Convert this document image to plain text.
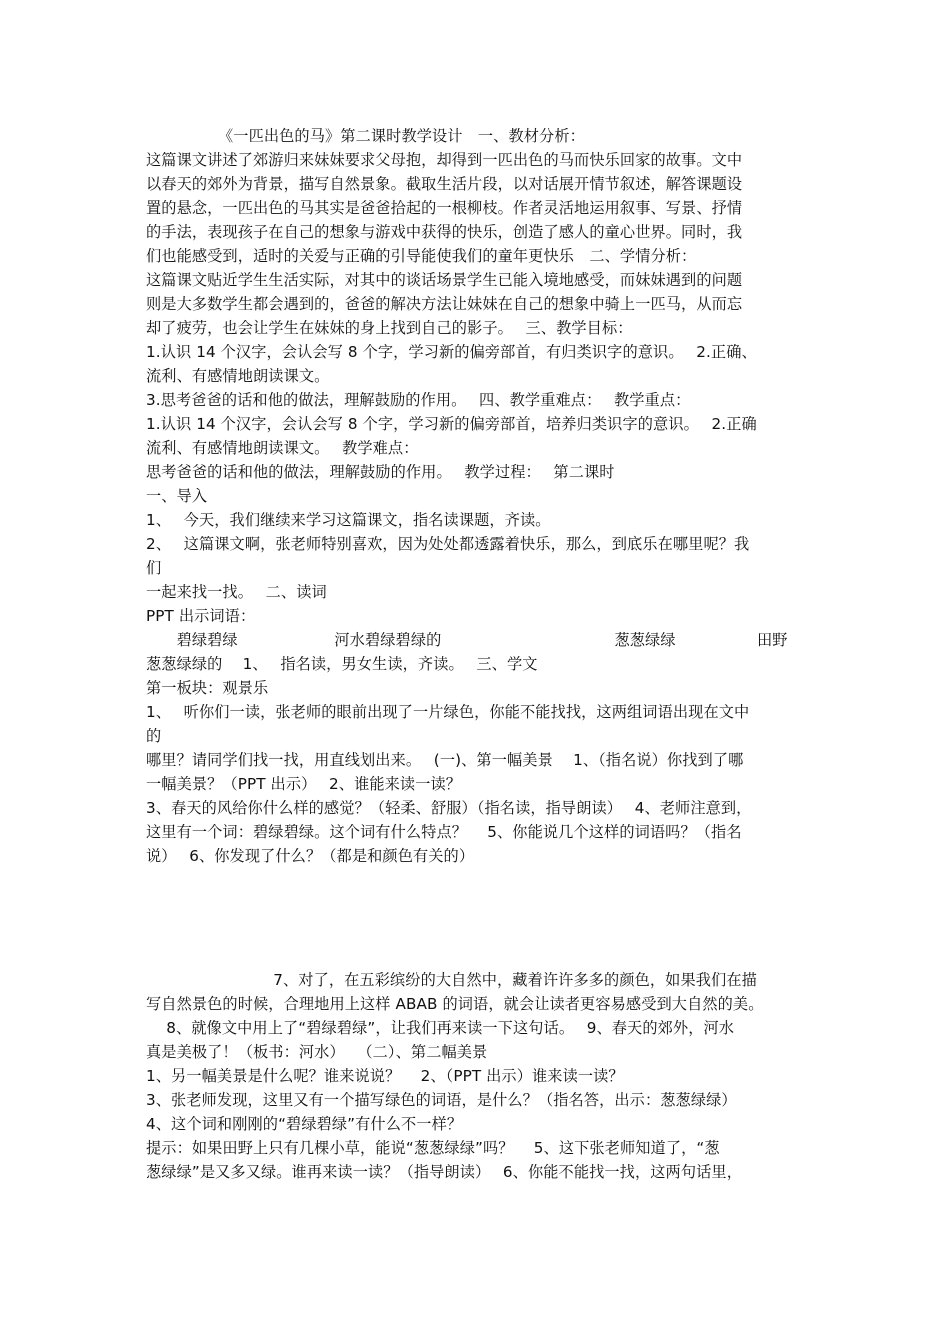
《一匹出色的马》第二课时教学设计　一、教材分析：
这篇课文讲述了郊游归来妹妹要求父母抱，却得到一匹出色的马而快乐回家的故事。文中
以春天的郊外为背景，描写自然景象。截取生活片段，以对话展开情节叙述，解答课题设
置的悬念，一匹出色的马其实是爸爸拾起的一根柳枝。作者灵活地运用叙事、写景、抒情
的手法，表现孩子在自己的想象与游戏中获得的快乐，创造了感人的童心世界。同时，我
们也能感受到，适时的关爱与正确的引导能使我们的童年更快乐　二、学情分析：
这篇课文贴近学生生活实际，对其中的谈话场景学生已能入境地感受，而妹妹遇到的问题
则是大多数学生都会遇到的，爸爸的解决方法让妹妹在自己的想象中骑上一匹马，从而忘
却了疲劳，也会让学生在妹妹的身上找到自己的影子。　 三、教学目标：
1.认识 14 个汉字，会认会写 8 个字，学习新的偏旁部首，有归类识字的意识。　 2.正确、
流利、有感情地朗读课文。
3.思考爸爸的话和他的做法，理解鼓励的作用。　 四、教学重难点：　 教学重点：
1.认识 14 个汉字，会认会写 8 个字，学习新的偏旁部首，培养归类识字的意识。　 2.正确
流利、有感情地朗读课文。　 教学难点：
思考爸爸的话和他的做法，理解鼓励的作用。　 教学过程：　 第二课时
一、导入
1、　 今天，我们继续来学习这篇课文，指名读课题，齐读。
2、　 这篇课文啊，张老师特别喜欢，因为处处都透露着快乐，那么，到底乐在哪里呢？我
们
一起来找一找。　 二、读词
PPT 出示词语：
　　碧绿碧绿　　　　　　 河水碧绿碧绿的　　　　　　　　　　　 葱葱绿绿　　　　　 田野
葱葱绿绿的　 1、　 指名读，男女生读，齐读。　 三、学文
第一板块：观景乐
1、　 听你们一读，张老师的眼前出现了一片绿色，你能不能找找，这两组词语出现在文中
的
哪里？请同学们找一找，用直线划出来。　 (一)、第一幅美景　 1、（指名说）你找到了哪
一幅美景？（PPT 出示）　 2、谁能来读一读？
3、春天的风给你什么样的感觉？（轻柔、舒服）（指名读，指导朗读）　 4、老师注意到，
这里有一个词：碧绿碧绿。这个词有什么特点？　 5、你能说几个这样的词语吗？（指名
说）　 6、你发现了什么？（都是和颜色有关的）
　　　　　　　　 7、对了，在五彩缤纷的大自然中，藏着许许多多的颜色，如果我们在描
写自然景色的时候，合理地用上这样 ABAB 的词语，就会让读者更容易感受到大自然的美。
　 8、就像文中用上了“碧绿碧绿”，让我们再来读一下这句话。　 9、春天的郊外，河水
真是美极了！（板书：河水）　 （二）、第二幅美景
1、另一幅美景是什么呢？谁来说说？　 2、（PPT 出示）谁来读一读？
3、张老师发现，这里又有一个描写绿色的词语，是什么？（指名答，出示：葱葱绿绿）
4、这个词和刚刚的“碧绿碧绿”有什么不一样？
提示：如果田野上只有几棵小草，能说“葱葱绿绿”吗？　 5、这下张老师知道了，“葱
葱绿绿”是又多又绿。谁再来读一读？（指导朗读）　 6、你能不能找一找，这两句话里，
